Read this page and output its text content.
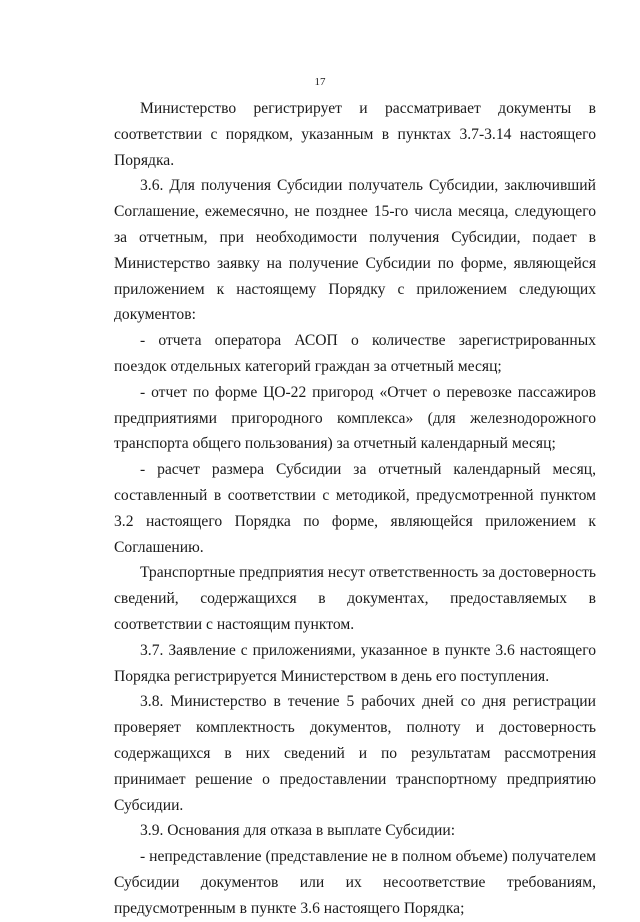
17

Министерство регистрирует и рассматривает документы в соответствии с порядком, указанным в пунктах 3.7-3.14 настоящего Порядка.

3.6. Для получения Субсидии получатель Субсидии, заключивший Соглашение, ежемесячно, не позднее 15-го числа месяца, следующего за отчетным, при необходимости получения Субсидии, подает в Министерство заявку на получение Субсидии по форме, являющейся приложением к настоящему Порядку с приложением следующих документов:

- отчета оператора АСОП о количестве зарегистрированных поездок отдельных категорий граждан за отчетный месяц;

- отчет по форме ЦО-22 пригород «Отчет о перевозке пассажиров предприятиями пригородного комплекса» (для железнодорожного транспорта общего пользования) за отчетный календарный месяц;

- расчет размера Субсидии за отчетный календарный месяц, составленный в соответствии с методикой, предусмотренной пунктом 3.2 настоящего Порядка по форме, являющейся приложением к Соглашению.

Транспортные предприятия несут ответственность за достоверность сведений, содержащихся в документах, предоставляемых в соответствии с настоящим пунктом.

3.7. Заявление с приложениями, указанное в пункте 3.6 настоящего Порядка регистрируется Министерством в день его поступления.

3.8. Министерство в течение 5 рабочих дней со дня регистрации проверяет комплектность документов, полноту и достоверность содержащихся в них сведений и по результатам рассмотрения принимает решение о предоставлении транспортному предприятию Субсидии.

3.9. Основания для отказа в выплате Субсидии:

- непредставление (представление не в полном объеме) получателем Субсидии документов или их несоответствие требованиям, предусмотренным в пункте 3.6 настоящего Порядка;
